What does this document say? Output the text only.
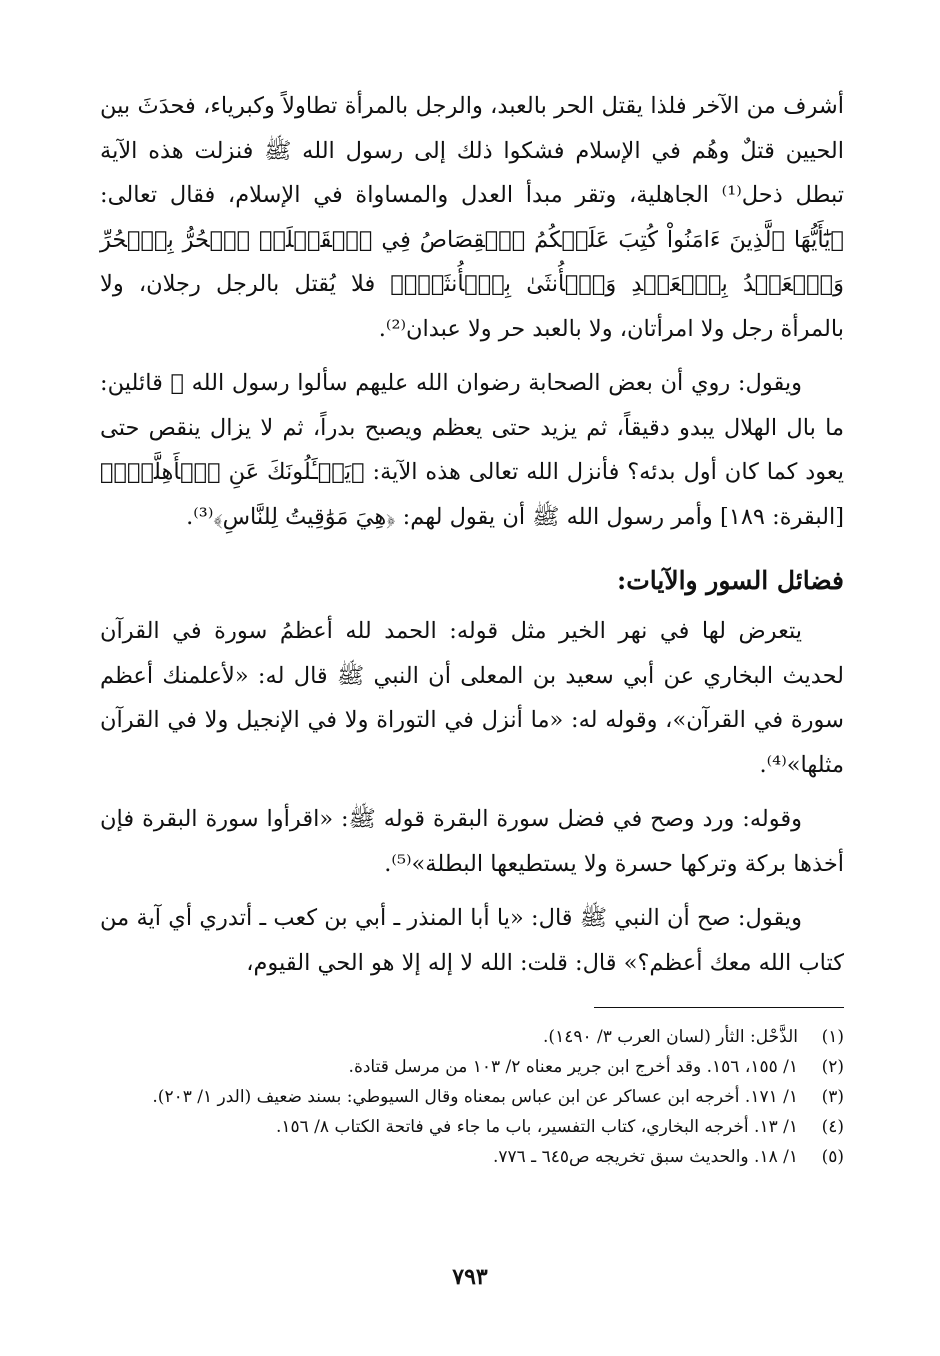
أشرف من الآخر فلذا يقتل الحر بالعبد، والرجل بالمرأة تطاولاً وكبرياء، فحدَثَ بين الحيين قتلٌ وهُم في الإسلام فشكوا ذلك إلى رسول الله ﷺ فنزلت هذه الآية تبطل ذحل⁽¹⁾ الجاهلية، وتقر مبدأ العدل والمساواة في الإسلام، فقال تعالى: ﴿يَٰٓأَيُّهَا ٱلَّذِينَ ءَامَنُواْ كُتِبَ عَلَيۡكُمُ ٱلۡقِصَاصُ فِي ٱلۡقَتۡلَىۖ ٱلۡحُرُّ بِٱلۡحُرِّ وَٱلۡعَبۡدُ بِٱلۡعَبۡدِ وَٱلۡأُنثَىٰ بِٱلۡأُنثَىٰۚ﴾ فلا يُقتل بالرجل رجلان، ولا بالمرأة رجل ولا امرأتان، ولا بالعبد حر ولا عبدان⁽²⁾.

ويقول: روي أن بعض الصحابة رضوان الله عليهم سألوا رسول الله ﷺ قائلين: ما بال الهلال يبدو دقيقاً، ثم يزيد حتى يعظم ويصبح بدراً، ثم لا يزال ينقص حتى يعود كما كان أول بدئه؟ فأنزل الله تعالى هذه الآية: ﴿يَسۡـَٔلُونَكَ عَنِ ٱلۡأَهِلَّةِۖ﴾ [البقرة: ١٨٩] وأمر رسول الله ﷺ أن يقول لهم: ﴿هِيَ مَوَٰقِيتُ لِلنَّاسِ﴾⁽³⁾.

فضائل السور والآيات:

يتعرض لها في نهر الخير مثل قوله: الحمد لله أعظمُ سورة في القرآن لحديث البخاري عن أبي سعيد بن المعلى أن النبي ﷺ قال له: «لأعلمنك أعظم سورة في القرآن»، وقوله له: «ما أنزل في التوراة ولا في الإنجيل ولا في القرآن مثلها»⁽⁴⁾.

وقوله: ورد وصح في فضل سورة البقرة قوله ﷺ: «اقرأوا سورة البقرة فإن أخذها بركة وتركها حسرة ولا يستطيعها البطلة»⁽⁵⁾.

ويقول: صح أن النبي ﷺ قال: «يا أبا المنذر ـ أبي بن كعب ـ أتدري أي آية من كتاب الله معك أعظم؟» قال: قلت: الله لا إله إلا هو الحي القيوم،

(١)
الذَّحْل: الثأر (لسان العرب ٣/ ١٤٩٠).
(٢)
١/ ١٥٥، ١٥٦. وقد أخرج ابن جرير معناه ٢/ ١٠٣ من مرسل قتادة.
(٣)
١/ ١٧١. أخرجه ابن عساكر عن ابن عباس بمعناه وقال السيوطي: بسند ضعيف (الدر ١/ ٢٠٣).
(٤)
١/ ١٣. أخرجه البخاري، كتاب التفسير، باب ما جاء في فاتحة الكتاب ٨/ ١٥٦.
(٥)
١/ ١٨. والحديث سبق تخريجه ص٦٤٥ ـ ٧٧٦.
٧٩٣
